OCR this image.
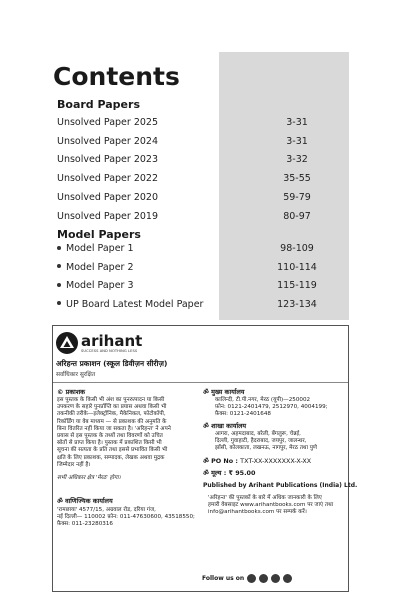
Contents
Board Papers
Unsolved Paper 2025	3-31
Unsolved Paper 2024	3-31
Unsolved Paper 2023	3-32
Unsolved Paper 2022	35-55
Unsolved Paper 2020	59-79
Unsolved Paper 2019	80-97
Model Papers
Model Paper 1	98-109
Model Paper 2	110-114
Model Paper 3	115-119
UP Board Latest Model Paper	123-134
arihant
SUCCESS AND NOTHING LESS
अरिहन्त प्रकाशन (स्कूल डिवीज़न सीरीज़)
सर्वाधिकार सुरक्षित
© प्रकाशक
इस पुस्तक के किसी भी अंश का पुनरुत्पादन या किसी
उपकरण के सहारे पुनर्प्राप्ति का प्रयास अथवा किसी भी
तकनीकी तरीके—इलेक्ट्रॉनिक, मैकेनिकल, फोटोकॉपी,
रिकॉर्डिंग या वेब माध्यम — से प्रकाशक की अनुमति के
बिना वितरित नहीं किया जा सकता है। 'अरिहन्त' ने अपने
प्रयास से इस पुस्तक के तथ्यों तथा विवरणों को उचित
स्रोतों से प्राप्त किया है। पुस्तक में प्रकाशित किसी भी
सूचना की सत्यता के प्रति तथा इससे प्रभावित किसी भी
क्षति के लिए प्रकाशक, सम्पादक, लेखक अथवा मुद्रक
जिम्मेदार नहीं है।
सभी अधिकार क्षेत्र 'मेरठ' होगा।
ॐ वाणिज्यिक कार्यालय
'रामछाया' 4577/15, अग्रवाल रोड, दरिया गंज,
नई दिल्ली— 110002 फ़ोन: 011-47630600, 43518550;
फ़ैक्स: 011-23280316
ॐ मुख्य कार्यालय
कालिन्दी, टी.पी.नगर, मेरठ (यूपी)—250002
फ़ोन: 0121-2401479, 2512970, 4004199;
फ़ैक्स: 0121-2401648
ॐ शाखा कार्यालय
आगरा, अहमदाबाद, बरेली, बेंगलुरू, चेन्नई,
दिल्ली, गुवाहाटी, हैदराबाद, जयपुर, जालन्धर,
झाँसी, कोलकाता, लखनऊ, नागपुर, मेरठ तथा पुणे
ॐ PO No : TXT-XX-XXXXXXX-X-XX
ॐ मूल्य : ₹ 95.00
Published by Arihant Publications (India) Ltd.
'अरिहन्त' की पुस्तकों के बारे में अधिक जानकारी के लिए
हमारी वेबसाइट www.arihantbooks.com पर जाएं तथा
info@arihantbooks.com पर सम्पर्क करें।
Follow us on
